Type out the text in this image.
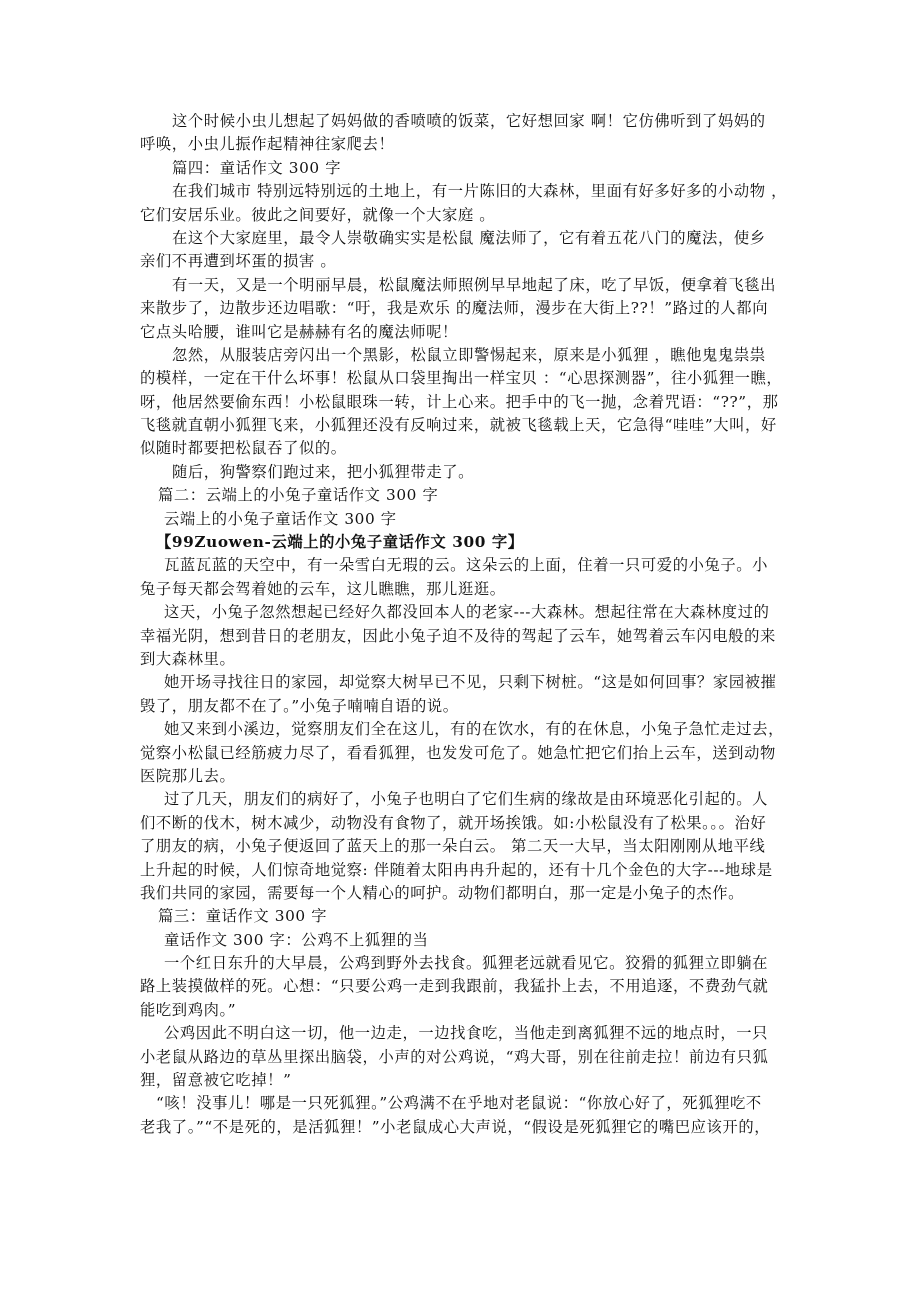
这个时候小虫儿想起了妈妈做的香喷喷的饭菜，它好想回家 啊！它仿佛听到了妈妈的
呼唤，小虫儿振作起精神往家爬去！
篇四：童话作文 300 字
在我们城市 特别远特别远的土地上，有一片陈旧的大森林，里面有好多好多的小动物 ，
它们安居乐业。彼此之间要好，就像一个大家庭 。
在这个大家庭里，最令人崇敬确实实是松鼠 魔法师了，它有着五花八门的魔法，使乡
亲们不再遭到坏蛋的损害 。
有一天，又是一个明丽早晨，松鼠魔法师照例早早地起了床，吃了早饭，便拿着飞毯出
来散步了，边散步还边唱歌：“吁，我是欢乐 的魔法师，漫步在大街上??！”路过的人都向
它点头哈腰，谁叫它是赫赫有名的魔法师呢！
忽然，从服装店旁闪出一个黑影，松鼠立即警惕起来，原来是小狐狸 ，瞧他鬼鬼祟祟
的模样，一定在干什么坏事！松鼠从口袋里掏出一样宝贝 ：“心思探测器”，往小狐狸一瞧，
呀，他居然要偷东西！小松鼠眼珠一转，计上心来。把手中的飞一抛，念着咒语：“??”，那
飞毯就直朝小狐狸飞来，小狐狸还没有反响过来，就被飞毯载上天，它急得“哇哇”大叫，好
似随时都要把松鼠吞了似的。
随后，狗警察们跑过来，把小狐狸带走了。
篇二：云端上的小兔子童话作文 300 字
云端上的小兔子童话作文 300 字
【99Zuowen-云端上的小兔子童话作文 300 字】
瓦蓝瓦蓝的天空中，有一朵雪白无瑕的云。这朵云的上面，住着一只可爱的小兔子。小
兔子每天都会驾着她的云车，这儿瞧瞧，那儿逛逛。
这天，小兔子忽然想起已经好久都没回本人的老家---大森林。想起往常在大森林度过的
幸福光阴，想到昔日的老朋友，因此小兔子迫不及待的驾起了云车，她驾着云车闪电般的来
到大森林里。
她开场寻找往日的家园，却觉察大树早已不见，只剩下树桩。“这是如何回事？家园被摧
毁了，朋友都不在了。”小兔子喃喃自语的说。
她又来到小溪边，觉察朋友们全在这儿，有的在饮水，有的在休息，小兔子急忙走过去，
觉察小松鼠已经筋疲力尽了，看看狐狸，也发发可危了。她急忙把它们抬上云车，送到动物
医院那儿去。
过了几天，朋友们的病好了，小兔子也明白了它们生病的缘故是由环境恶化引起的。人
们不断的伐木，树木减少，动物没有食物了，就开场挨饿。如:小松鼠没有了松果。。。治好
了朋友的病，小兔子便返回了蓝天上的那一朵白云。 第二天一大早，当太阳刚刚从地平线
上升起的时候，人们惊奇地觉察: 伴随着太阳冉冉升起的，还有十几个金色的大字---地球是
我们共同的家园，需要每一个人精心的呵护。动物们都明白，那一定是小兔子的杰作。
篇三：童话作文 300 字
童话作文 300 字：公鸡不上狐狸的当
一个红日东升的大早晨，公鸡到野外去找食。狐狸老远就看见它。狡猾的狐狸立即躺在
路上装摸做样的死。心想：“只要公鸡一走到我跟前，我猛扑上去，不用追逐，不费劲气就
能吃到鸡肉。”
公鸡因此不明白这一切，他一边走，一边找食吃，当他走到离狐狸不远的地点时，一只
小老鼠从路边的草丛里探出脑袋，小声的对公鸡说，“鸡大哥，别在往前走拉！前边有只狐
狸，留意被它吃掉！”
“咳！没事儿！哪是一只死狐狸。”公鸡满不在乎地对老鼠说：“你放心好了，死狐狸吃不
老我了。”“不是死的，是活狐狸！”小老鼠成心大声说，“假设是死狐狸它的嘴巴应该开的，
